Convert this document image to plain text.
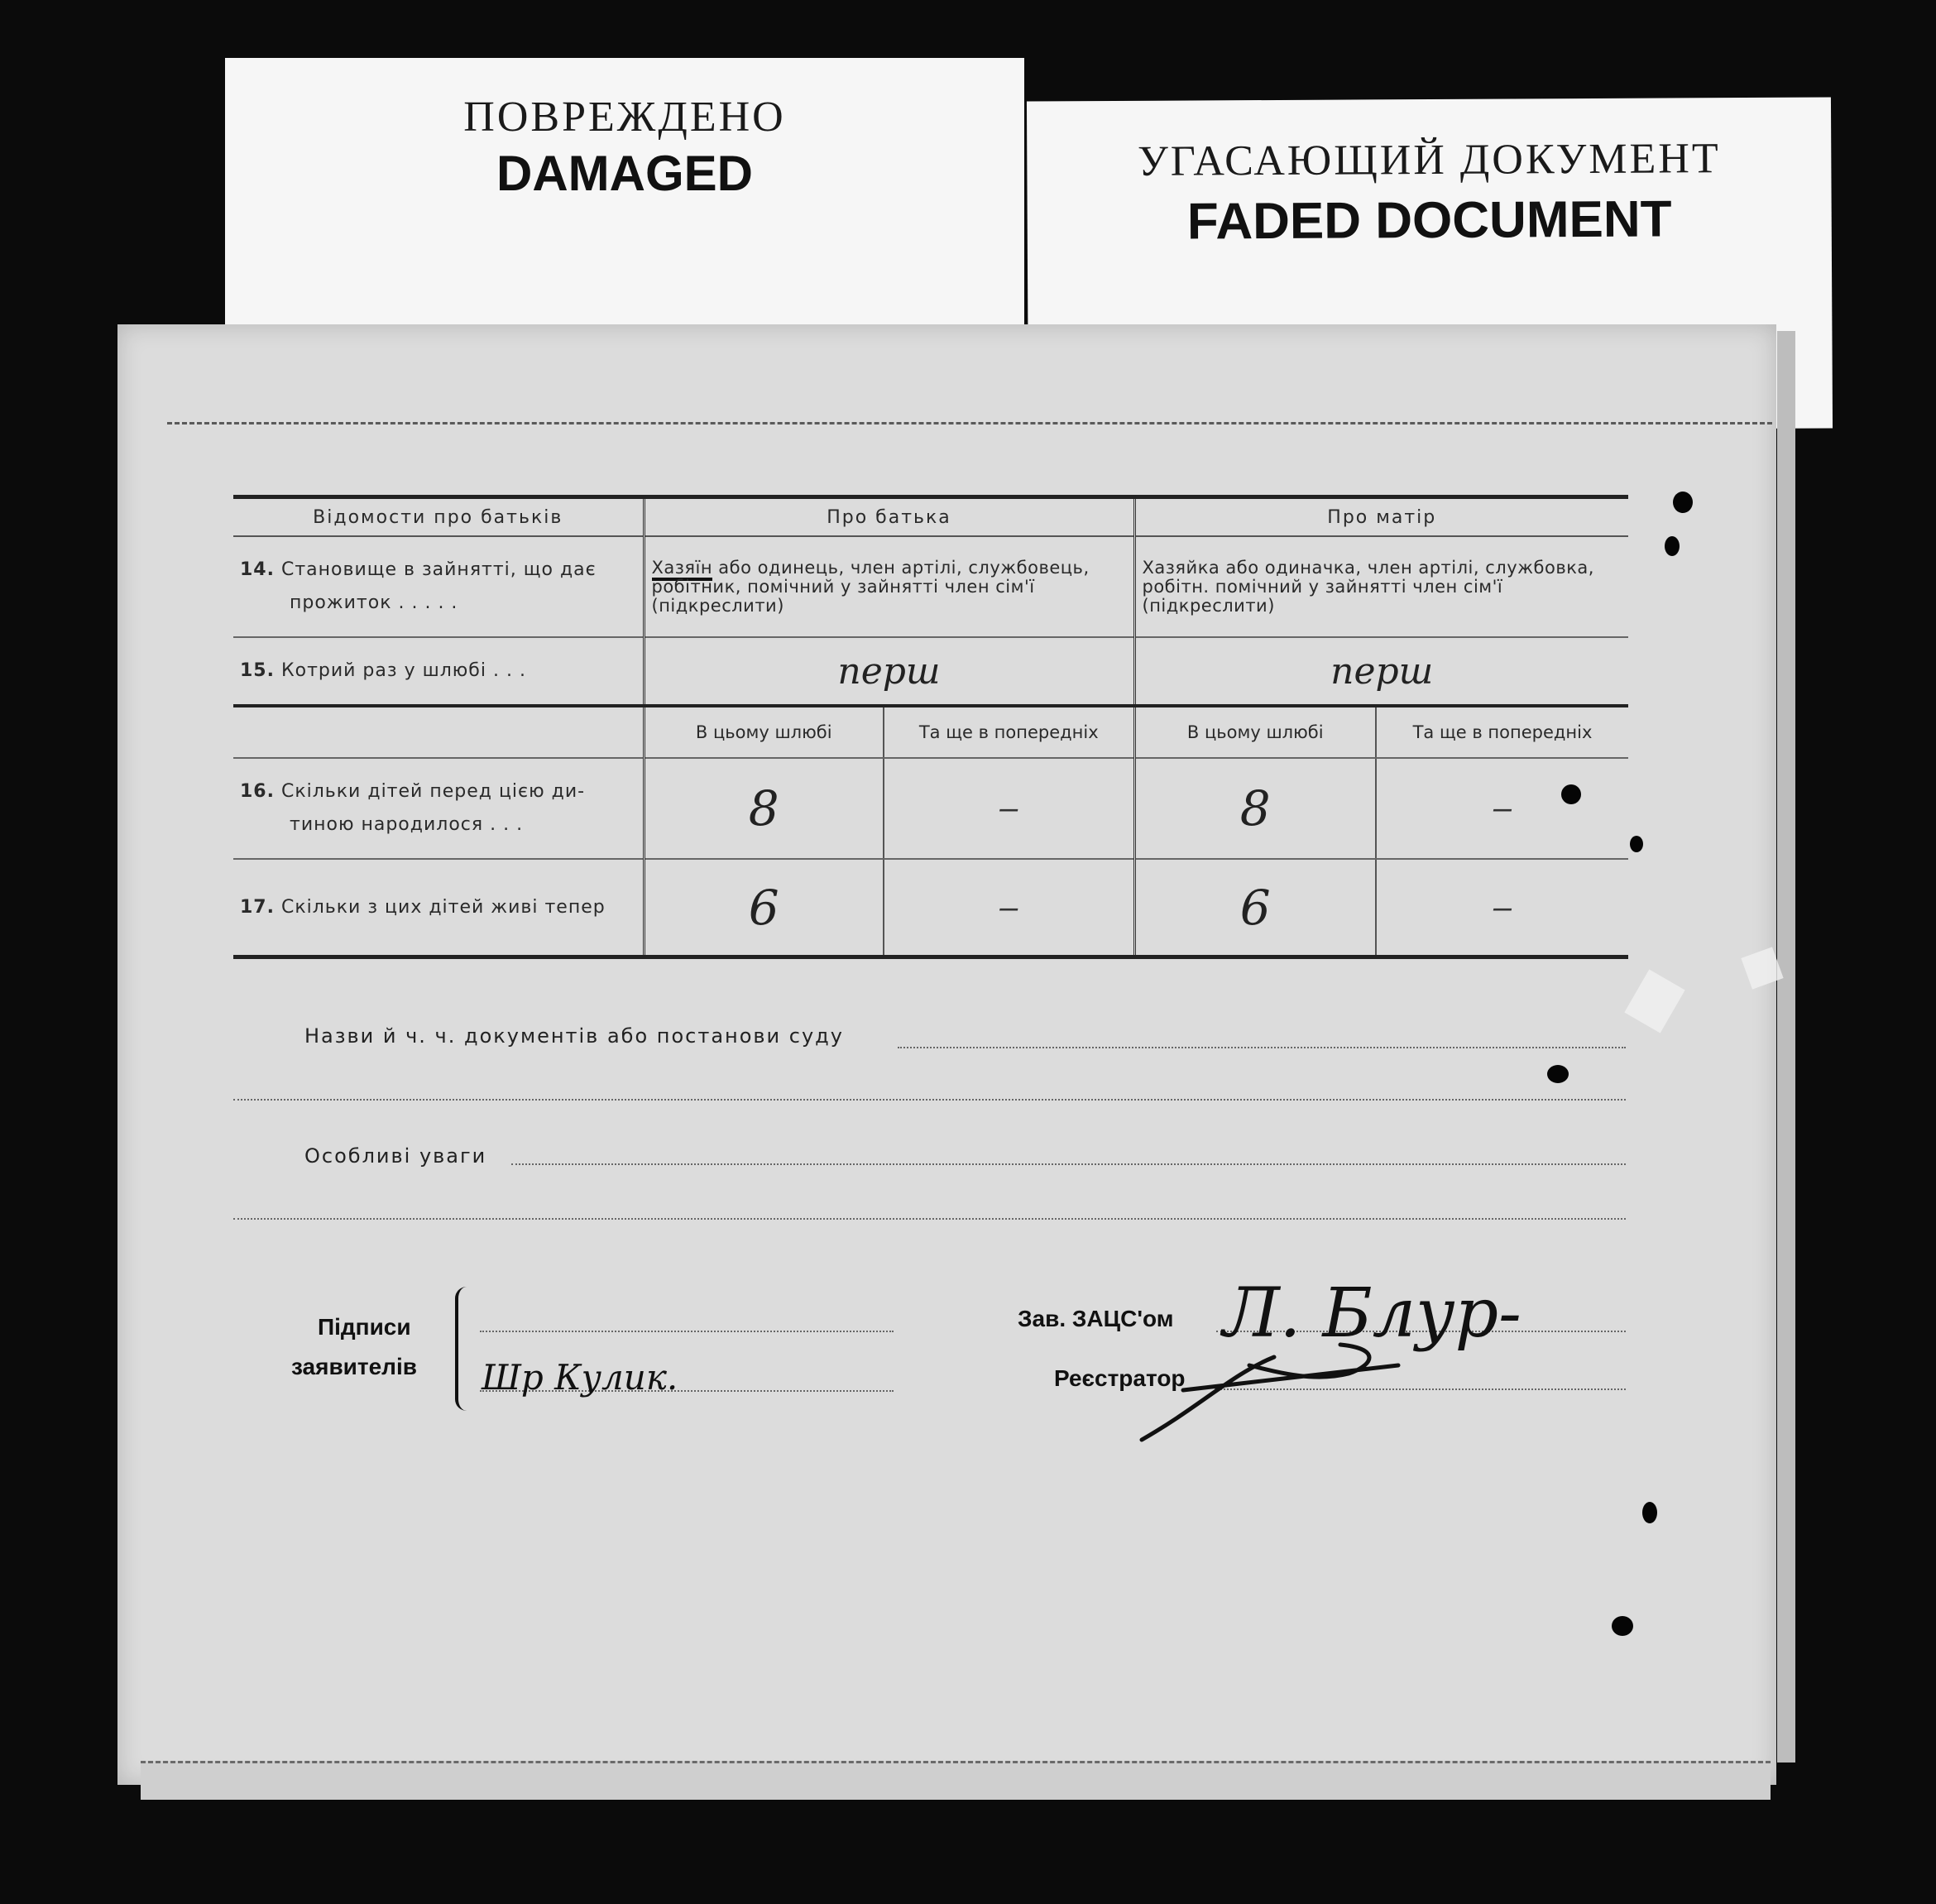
ПОВРЕЖДЕНО
DAMAGED	УГАСАЮЩИЙ ДОКУМЕНТ
FADED DOCUMENT
Відомости про батьків	Про батька		Про матір	
14. Становище в зайнятті, що дає
прожиток . . . . .	Хазяїн або одинець, член артілі, службовець, робітник, помічний у зайнятті член сім'ї (підкреслити)		Хазяйка або одиначка, член артілі, службовка, робітн. помічний у зайнятті член сім'ї (підкреслити)	
15. Котрий раз у шлюбі . . .	перш		перш	
	В цьому шлюбі	Та ще в попередніх	В цьому шлюбі	Та ще в попередніх
16. Скільки дітей перед цією ди-
тиною народилося . . .	8	‒	8	‒
17. Скільки з цих дітей живі тепер	6	‒	6	‒
Назви й ч. ч. документів або постанови суду
Особливі уваги
Підписи
заявителів Шр Кулик.
Зав. ЗАЦС'ом Л. Блур-
Реєстратор
